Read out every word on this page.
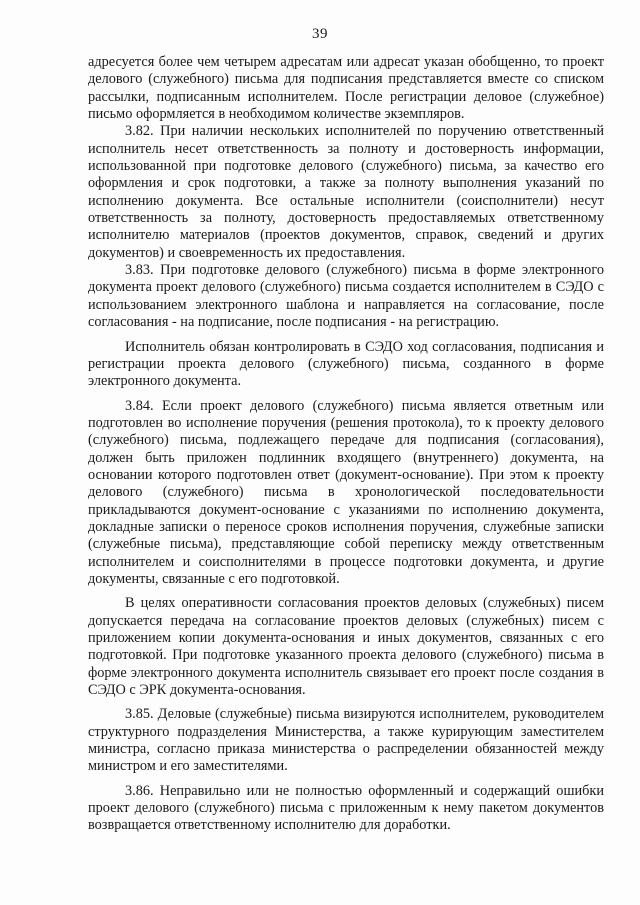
39

адресуется более чем четырем адресатам или адресат указан обобщенно, то проект делового (служебного) письма для подписания представляется вместе со списком рассылки, подписанным исполнителем. После регистрации деловое (служебное) письмо оформляется в необходимом количестве экземпляров.

3.82. При наличии нескольких исполнителей по поручению ответственный исполнитель несет ответственность за полноту и достоверность информации, использованной при подготовке делового (служебного) письма, за качество его оформления и срок подготовки, а также за полноту выполнения указаний по исполнению документа. Все остальные исполнители (соисполнители) несут ответственность за полноту, достоверность предоставляемых ответственному исполнителю материалов (проектов документов, справок, сведений и других документов) и своевременность их предоставления.

3.83. При подготовке делового (служебного) письма в форме электронного документа проект делового (служебного) письма создается исполнителем в СЭДО с использованием электронного шаблона и направляется на согласование, после согласования - на подписание, после подписания - на регистрацию.

Исполнитель обязан контролировать в СЭДО ход согласования, подписания и регистрации проекта делового (служебного) письма, созданного в форме электронного документа.

3.84. Если проект делового (служебного) письма является ответным или подготовлен во исполнение поручения (решения протокола), то к проекту делового (служебного) письма, подлежащего передаче для подписания (согласования), должен быть приложен подлинник входящего (внутреннего) документа, на основании которого подготовлен ответ (документ-основание). При этом к проекту делового (служебного) письма в хронологической последовательности прикладываются документ-основание с указаниями по исполнению документа, докладные записки о переносе сроков исполнения поручения, служебные записки (служебные письма), представляющие собой переписку между ответственным исполнителем и соисполнителями в процессе подготовки документа, и другие документы, связанные с его подготовкой.

В целях оперативности согласования проектов деловых (служебных) писем допускается передача на согласование проектов деловых (служебных) писем с приложением копии документа-основания и иных документов, связанных с его подготовкой. При подготовке указанного проекта делового (служебного) письма в форме электронного документа исполнитель связывает его проект после создания в СЭДО с ЭРК документа-основания.

3.85. Деловые (служебные) письма визируются исполнителем, руководителем структурного подразделения Министерства, а также курирующим заместителем министра, согласно приказа министерства о распределении обязанностей между министром и его заместителями.

3.86. Неправильно или не полностью оформленный и содержащий ошибки проект делового (служебного) письма с приложенным к нему пакетом документов возвращается ответственному исполнителю для доработки.
